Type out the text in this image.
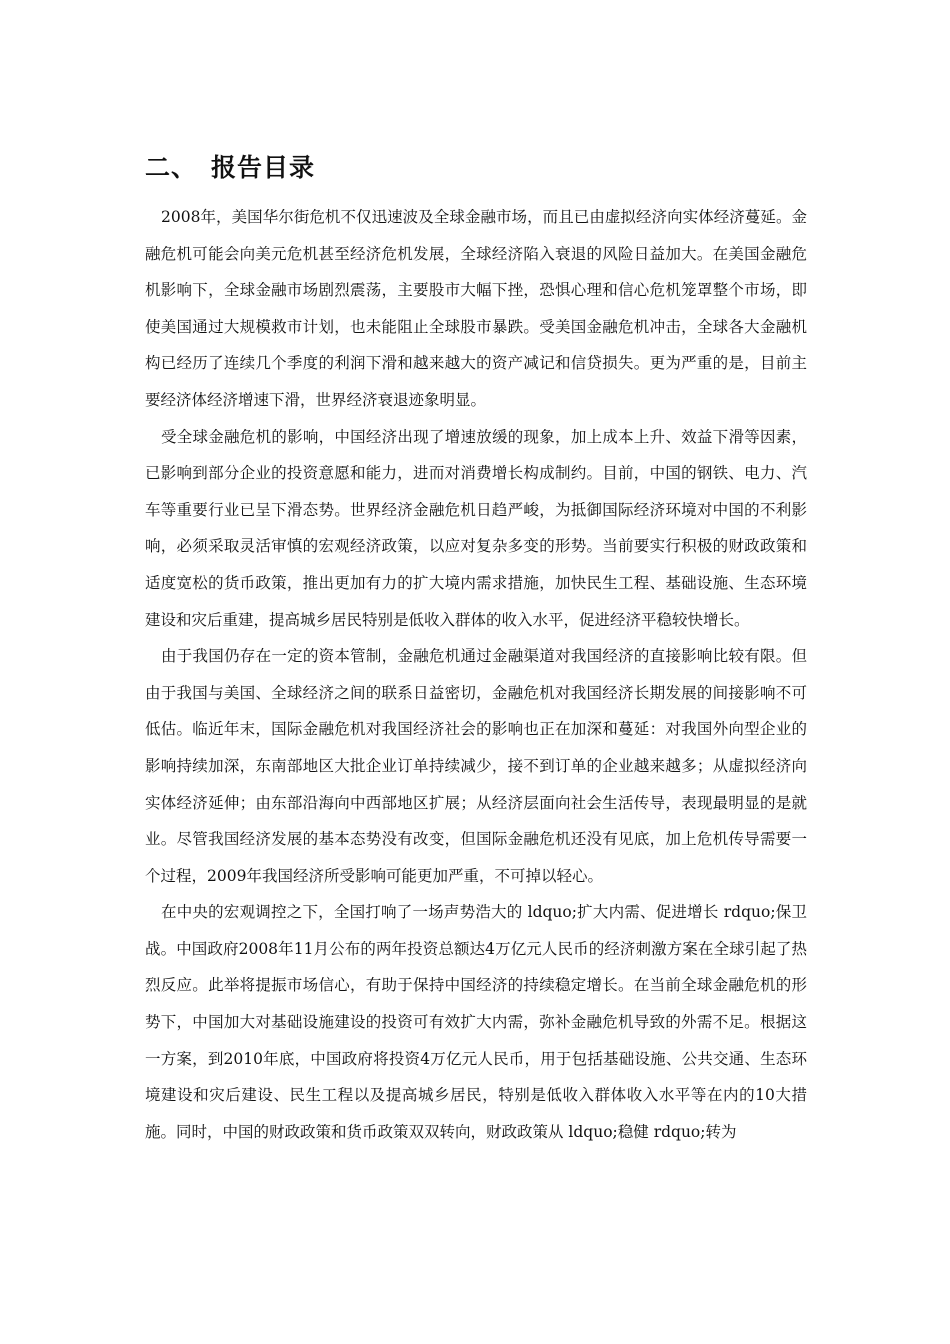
二、 报告目录

2008年，美国华尔街危机不仅迅速波及全球金融市场，而且已由虚拟经济向实体经济蔓延。金融危机可能会向美元危机甚至经济危机发展，全球经济陷入衰退的风险日益加大。在美国金融危机影响下，全球金融市场剧烈震荡，主要股市大幅下挫，恐惧心理和信心危机笼罩整个市场，即使美国通过大规模救市计划，也未能阻止全球股市暴跌。受美国金融危机冲击，全球各大金融机构已经历了连续几个季度的利润下滑和越来越大的资产减记和信贷损失。更为严重的是，目前主要经济体经济增速下滑，世界经济衰退迹象明显。

受全球金融危机的影响，中国经济出现了增速放缓的现象，加上成本上升、效益下滑等因素，已影响到部分企业的投资意愿和能力，进而对消费增长构成制约。目前，中国的钢铁、电力、汽车等重要行业已呈下滑态势。世界经济金融危机日趋严峻，为抵御国际经济环境对中国的不利影响，必须采取灵活审慎的宏观经济政策，以应对复杂多变的形势。当前要实行积极的财政政策和适度宽松的货币政策，推出更加有力的扩大境内需求措施，加快民生工程、基础设施、生态环境建设和灾后重建，提高城乡居民特别是低收入群体的收入水平，促进经济平稳较快增长。

由于我国仍存在一定的资本管制，金融危机通过金融渠道对我国经济的直接影响比较有限。但由于我国与美国、全球经济之间的联系日益密切，金融危机对我国经济长期发展的间接影响不可低估。临近年末，国际金融危机对我国经济社会的影响也正在加深和蔓延：对我国外向型企业的影响持续加深，东南部地区大批企业订单持续减少，接不到订单的企业越来越多；从虚拟经济向实体经济延伸；由东部沿海向中西部地区扩展；从经济层面向社会生活传导，表现最明显的是就业。尽管我国经济发展的基本态势没有改变，但国际金融危机还没有见底，加上危机传导需要一个过程，2009年我国经济所受影响可能更加严重，不可掉以轻心。

在中央的宏观调控之下，全国打响了一场声势浩大的 ldquo;扩大内需、促进增长 rdquo;保卫战。中国政府2008年11月公布的两年投资总额达4万亿元人民币的经济刺激方案在全球引起了热烈反应。此举将提振市场信心，有助于保持中国经济的持续稳定增长。在当前全球金融危机的形势下，中国加大对基础设施建设的投资可有效扩大内需，弥补金融危机导致的外需不足。根据这一方案，到2010年底，中国政府将投资4万亿元人民币，用于包括基础设施、公共交通、生态环境建设和灾后建设、民生工程以及提高城乡居民，特别是低收入群体收入水平等在内的10大措施。同时，中国的财政政策和货币政策双双转向，财政政策从 ldquo;稳健 rdquo;转为
